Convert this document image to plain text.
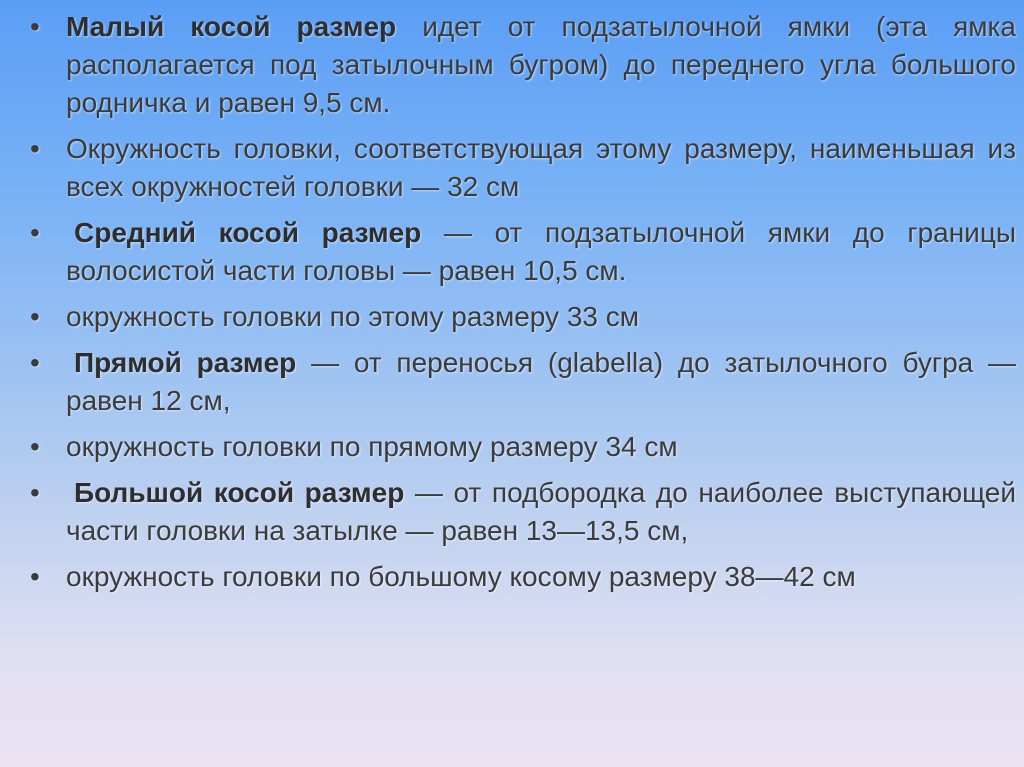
• Малый косой размер идет от подзатылочной ямки (эта ямка располагается под затылочным бугром) до переднего угла большого родничка и равен 9,5 см.
• Окружность головки, соответствующая этому размеру, наименьшая из всех окружностей головки — 32 см
• Средний косой размер — от подзатылочной ямки до границы волосистой части головы — равен 10,5 см.
• окружность головки по этому размеру 33 см
• Прямой размер — от переносья (glabella) до затылочного бугра — равен 12 см,
• окружность головки по прямому размеру 34 см
• Большой косой размер — от подбородка до наиболее выступающей части головки на затылке — равен 13—13,5 см,
• окружность головки по большому косому размеру 38—42 см
